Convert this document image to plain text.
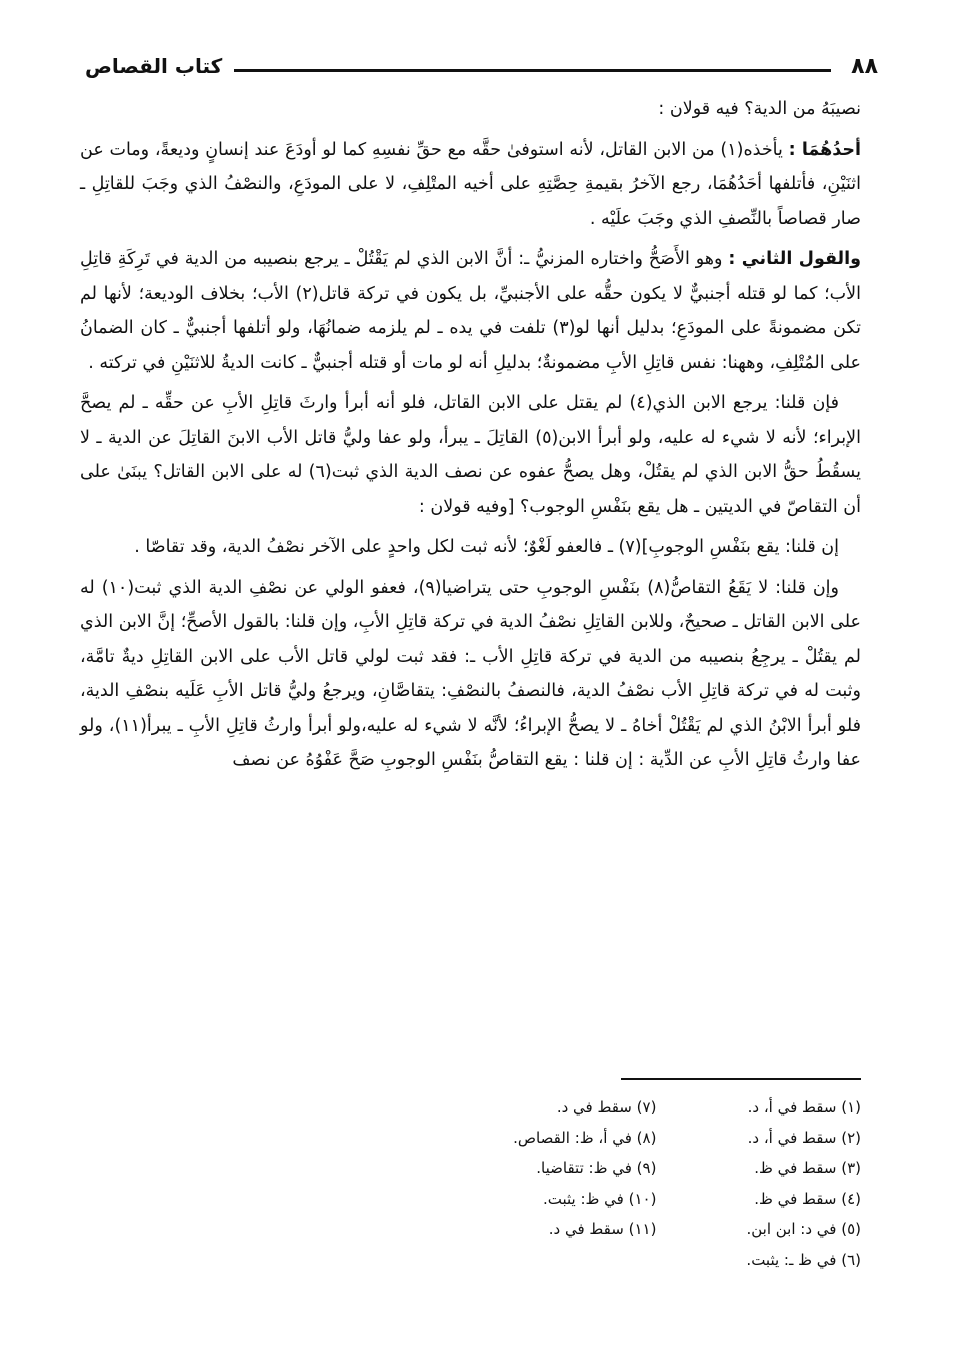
٨٨
كتاب القصاص

نصيبَهُ من الدية؟ فيه قولان :

أحدُهُمَا : يأخذه(١) من الابن القاتل، لأنه استوفىٰ حقَّه مع حقِّ نفسِهِ كما لو أودَعَ عند إنسانٍ وديعةً، ومات عن اثنَيْنِ، فأتلفها أحَدُهُمَا، رجع الآخرُ بقيمةِ حِصَّتِهِ على أخيه المتْلِفِ، لا على المودَعِ، والنصْفُ الذي وجَبَ للقاتِلِ ـ صار قصاصاً بالنِّصفِ الذي وجَبَ علَيْه .

والقول الثاني : وهو الأَصَحُّ واختاره المزنيُّ ـ: أنَّ الابن الذي لم يَقْتُلْ ـ يرجع بنصيبه من الدية في تَرِكَةِ قاتِلِ الأب؛ كما لو قتله أجنبيٌّ لا يكون حقُّه على الأجنبيِّ، بل يكون في تركة قاتل(٢) الأب؛ بخلاف الوديعة؛ لأنها لم تكن مضمونةً على المودَعِ؛ بدليل أنها لو(٣) تلفت في يده ـ لم يلزمه ضمانُهَا، ولو أتلفها أجنبيٌّ ـ كان الضمانُ على المُتْلِفِ، وههنا: نفس قاتِلِ الأبِ مضمونةٌ؛ بدليلِ أنه لو مات أو قتله أجنبيٌّ ـ كانت الديةُ للاثنَيْنِ في تركته .

فإن قلنا: يرجع الابن الذي(٤) لم يقتل على الابن القاتل، فلو أنه أبرأ وارثَ قاتِلِ الأبِ عن حقِّه ـ لم يصحَّ الإبراء؛ لأنه لا شيء له عليه، ولو أبرأ الابن(٥) القاتِلَ ـ يبرأ، ولو عفا وليُّ قاتل الأب الابنَ القاتِلَ عن الدية ـ لا يسقُطُ حقُّ الابن الذي لم يقتُلْ، وهل يصحُّ عفوه عن نصف الدية الذي ثبت(٦) له على الابن القاتل؟ يبنَىٰ على أن التقاصّ في الديتين ـ هل يقع بنَفْسِ الوجوب؟ [وفيه قولان :

إن قلنا: يقع بنَفْسِ الوجوبِ](٧) ـ فالعفو لَغْوٌ؛ لأنه ثبت لكل واحدٍ على الآخر نصْفُ الدية، وقد تقاصّا .

وإن قلنا: لا يَقَعُ التقاصُّ(٨) بنَفْسِ الوجوبِ حتى يتراضيا(٩)، فعفو الولي عن نصْفِ الدية الذي ثبت(١٠) له على الابن القاتل ـ صحيحٌ، وللابن القاتِلِ نصْفُ الدية في تركة قاتِلِ الأبِ، وإن قلنا: بالقول الأصحِّ؛ إنَّ الابن الذي لم يقتُلْ ـ يرجِعُ بنصيبه من الدية في تركة قاتِلِ الأب ـ: فقد ثبت لولي قاتل الأب على الابن القاتِلِ ديةٌ تامَّة، وثبت له في تركة قاتِلِ الأب نصْفُ الدية، فالنصفُ بالنصْفِ: يتقاصَّانِ، ويرجعُ وليُّ قاتل الأبِ عَلَيه بنصْفِ الدية، فلو أبرأ الابْنُ الذي لم يَقْتُلْ أخاهُ ـ لا يصحُّ الإبراءُ؛ لأنَّه لا شيء له عليه،ولو أبرأ وارثُ قاتِلِ الأبِ ـ يبرأ(١١)، ولو عفا وارثُ قاتِلِ الأبِ عن الدِّية : إن قلنا : يقع التقاصُّ بنَفْسِ الوجوبِ صَحَّ عَفْوُهُ عن نصف

(١) سقط في أ، د.
(٢) سقط في أ، د.
(٣) سقط في ظ.
(٤) سقط في ظ.
(٥) في د: ابن ابن.
(٦) في ظ ـ: يثبت.
(٧) سقط في د.
(٨) في أ، ظ: القصاص.
(٩) في ظ: تتقاضيا.
(١٠) في ظ: يثبت.
(١١) سقط في د.
